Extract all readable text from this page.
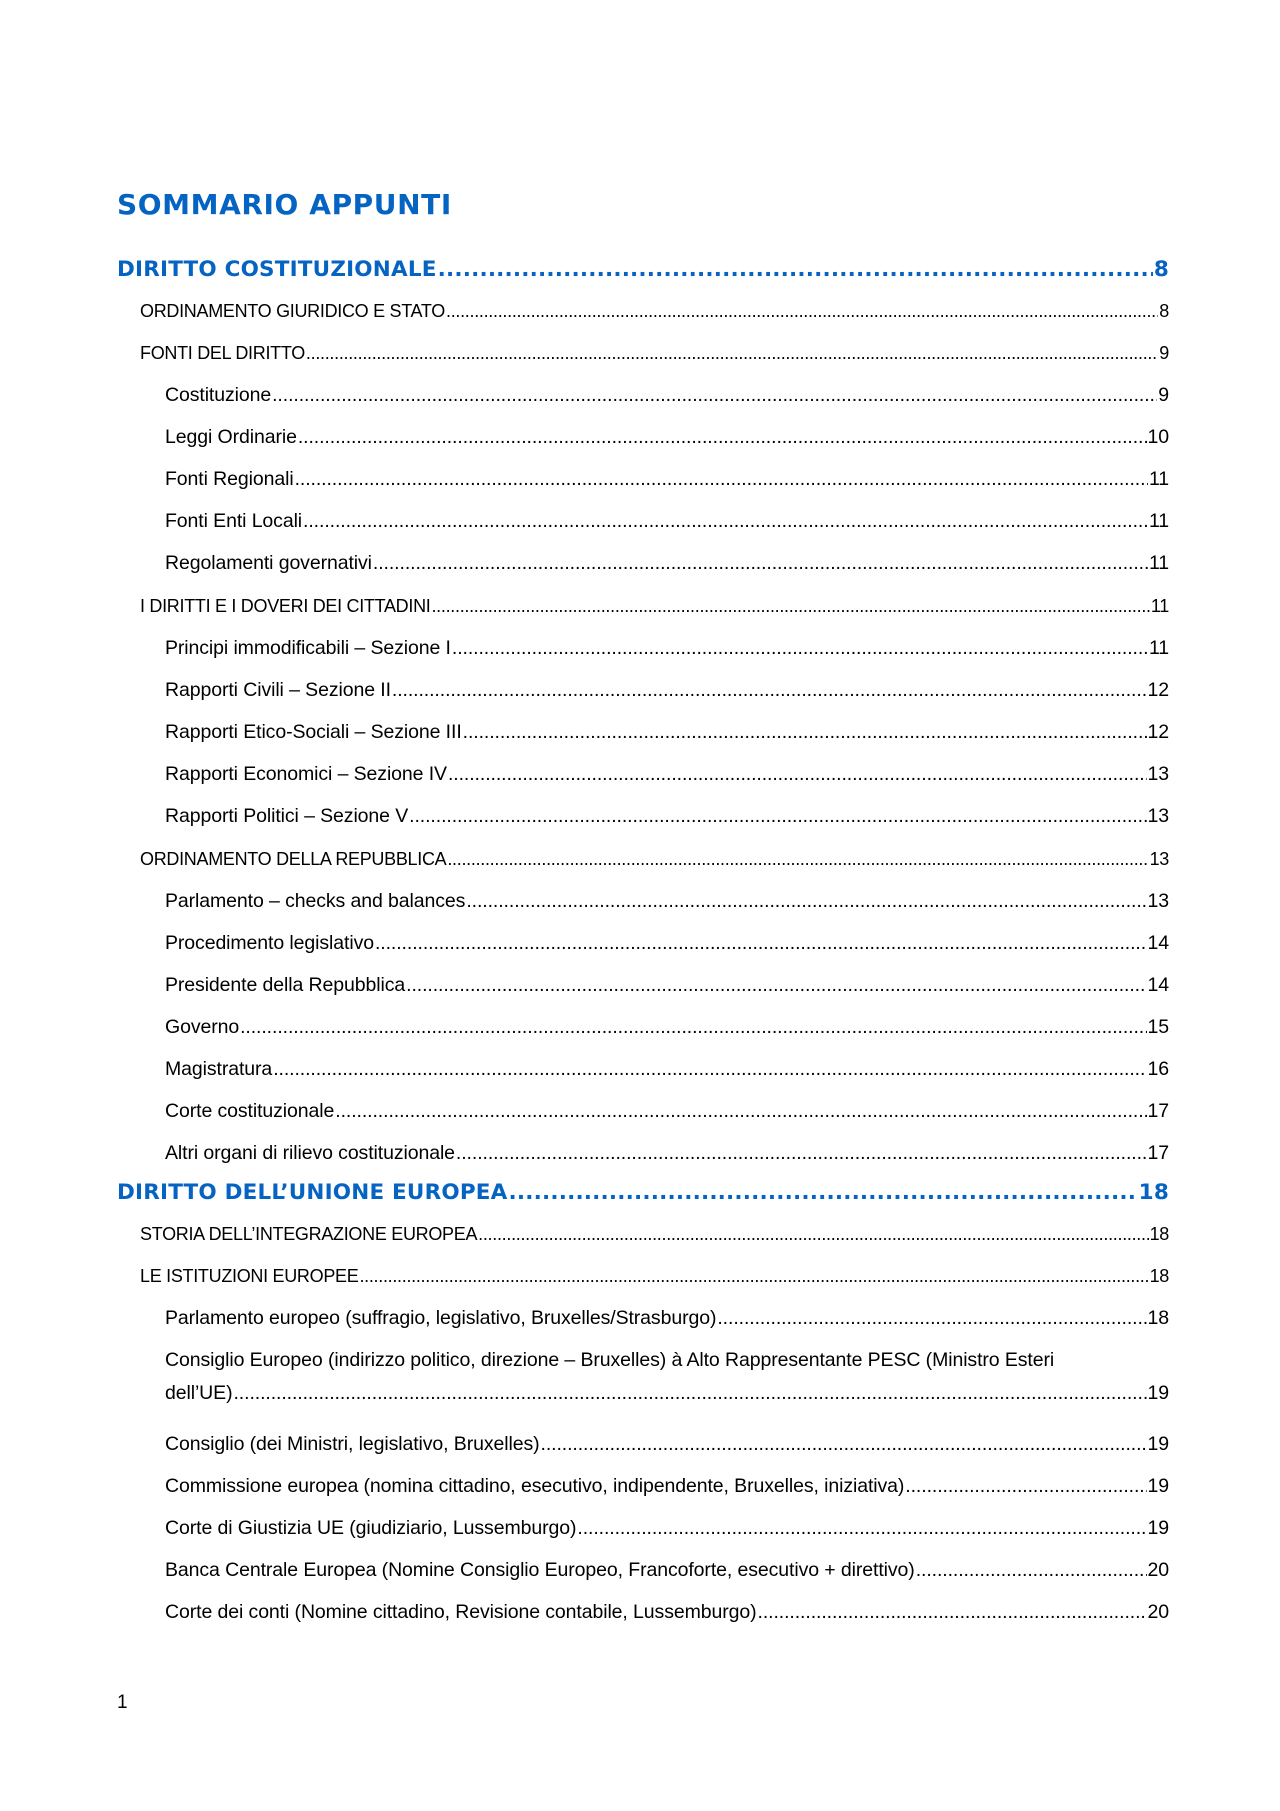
SOMMARIO APPUNTI
DIRITTO COSTITUZIONALE .....	8
ORDINAMENTO GIURIDICO E STATO .....	8
FONTI DEL DIRITTO .....	9
Costituzione .....	9
Leggi Ordinarie .....	10
Fonti Regionali .....	11
Fonti Enti Locali .....	11
Regolamenti governativi .....	11
I DIRITTI E I DOVERI DEI CITTADINI .....	11
Principi immodificabili – Sezione I .....	11
Rapporti Civili – Sezione II .....	12
Rapporti Etico-Sociali – Sezione III .....	12
Rapporti Economici – Sezione IV .....	13
Rapporti Politici – Sezione V .....	13
ORDINAMENTO DELLA REPUBBLICA .....	13
Parlamento – checks and balances .....	13
Procedimento legislativo .....	14
Presidente della Repubblica .....	14
Governo .....	15
Magistratura .....	16
Corte costituzionale .....	17
Altri organi di rilievo costituzionale .....	17
DIRITTO DELL’UNIONE EUROPEA .....	18
STORIA DELL’INTEGRAZIONE EUROPEA .....	18
LE ISTITUZIONI EUROPEE .....	18
Parlamento europeo (suffragio, legislativo, Bruxelles/Strasburgo) .....	18
Consiglio Europeo (indirizzo politico, direzione – Bruxelles) à Alto Rappresentante PESC (Ministro Esteri
dell’UE) .....	19
Consiglio (dei Ministri, legislativo, Bruxelles) .....	19
Commissione europea (nomina cittadino, esecutivo, indipendente, Bruxelles, iniziativa) .....	19
Corte di Giustizia UE (giudiziario, Lussemburgo) .....	19
Banca Centrale Europea (Nomine Consiglio Europeo, Francoforte, esecutivo + direttivo) .....	20
Corte dei conti (Nomine cittadino, Revisione contabile, Lussemburgo) .....	20
1
